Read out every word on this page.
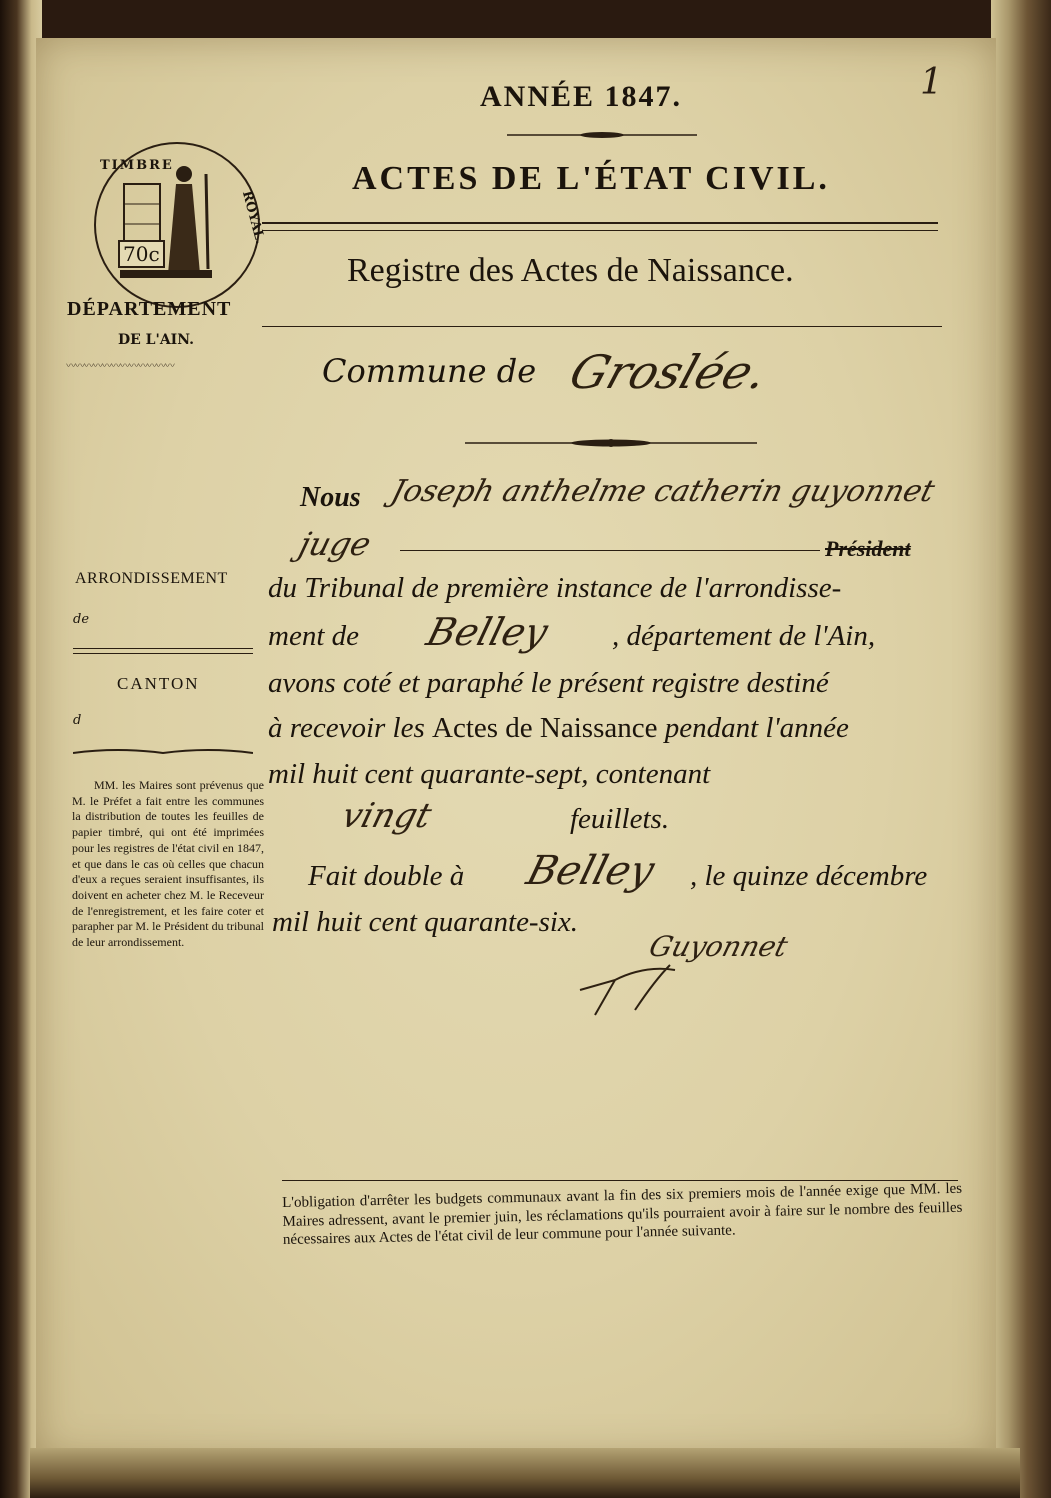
1
ANNÉE 1847.
ACTES DE L'ÉTAT CIVIL.
Registre des Actes de Naissance.
TIMBRE
ROYAL.
70c
DÉPARTEMENT
DE L'AIN.
〰〰〰〰〰〰〰〰〰〰〰〰	Commune de Groslée.
Nous Joseph anthelme catherin guyonnet
juge	Président
du Tribunal de première instance de l'arrondisse-
ment de Belley , département de l'Ain,
avons coté et paraphé le présent registre destiné
à recevoir les Actes de Naissance pendant l'année
mil huit cent quarante-sept, contenant
vingt	feuillets.
Fait double à Belley , le quinze décembre
mil huit cent quarante-six.
Guyonnet
ARRONDISSEMENT
de
CANTON
d
MM. les Maires sont prévenus que M. le Préfet a fait entre les communes la distribution de toutes les feuilles de papier timbré, qui ont été imprimées pour les registres de l'état civil en 1847, et que dans le cas où celles que chacun d'eux a reçues seraient insuffisantes, ils doivent en acheter chez M. le Receveur de l'enregistrement, et les faire coter et parapher par M. le Président du tribunal de leur arrondissement.
L'obligation d'arrêter les budgets communaux avant la fin des six premiers mois de l'année exige que MM. les Maires adressent, avant le premier juin, les réclamations qu'ils pourraient avoir à faire sur le nombre des feuilles nécessaires aux Actes de l'état civil de leur commune pour l'année suivante.
